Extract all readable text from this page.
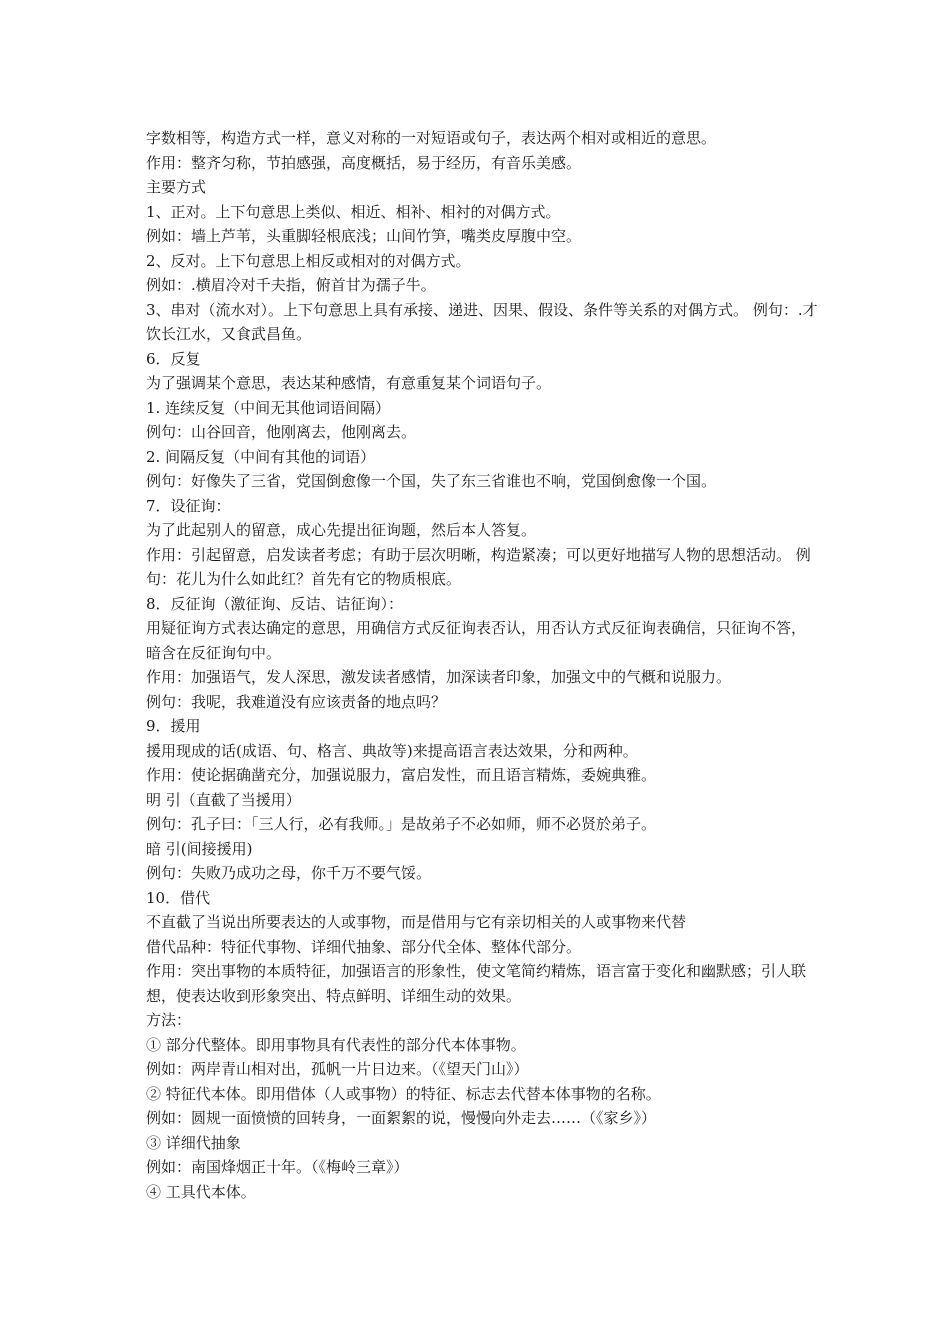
字数相等，构造方式一样，意义对称的一对短语或句子，表达两个相对或相近的意思。

作用：整齐匀称，节拍感强，高度概括，易于经历，有音乐美感。

主要方式

1、正对。上下句意思上类似、相近、相补、相衬的对偶方式。

例如：墙上芦苇，头重脚轻根底浅；山间竹笋，嘴类皮厚腹中空。

2、反对。上下句意思上相反或相对的对偶方式。

例如：.横眉冷对千夫指，俯首甘为孺子牛。

3、串对（流水对）。上下句意思上具有承接、递进、因果、假设、条件等关系的对偶方式。 例句：.才饮长江水，又食武昌鱼。

6．反复

为了强调某个意思，表达某种感情，有意重复某个词语句子。

1. 连续反复（中间无其他词语间隔）

例句：山谷回音，他刚离去，他刚离去。

2. 间隔反复（中间有其他的词语）

例句：好像失了三省，党国倒愈像一个国，失了东三省谁也不响，党国倒愈像一个国。

7．设征询：

为了此起别人的留意，成心先提出征询题，然后本人答复。

作用：引起留意，启发读者考虑；有助于层次明晰，构造紧凑；可以更好地描写人物的思想活动。 例句：花儿为什么如此红？首先有它的物质根底。

8．反征询（激征询、反诘、诘征询）：

用疑征询方式表达确定的意思，用确信方式反征询表否认，用否认方式反征询表确信，只征询不答，暗含在反征询句中。

作用：加强语气，发人深思，激发读者感情，加深读者印象，加强文中的气概和说服力。

例句：我呢，我难道没有应该责备的地点吗？

9．援用

援用现成的话(成语、句、格言、典故等)来提高语言表达效果，分和两种。

作用：使论据确凿充分，加强说服力，富启发性，而且语言精炼，委婉典雅。

明 引（直截了当援用）

例句：孔子曰：「三人行，必有我师。」是故弟子不必如师，师不必贤於弟子。

暗 引(间接援用)

例句：失败乃成功之母，你千万不要气馁。

10．借代

不直截了当说出所要表达的人或事物，而是借用与它有亲切相关的人或事物来代替

借代品种：特征代事物、详细代抽象、部分代全体、整体代部分。

作用：突出事物的本质特征，加强语言的形象性，使文笔简约精炼，语言富于变化和幽默感；引人联想，使表达收到形象突出、特点鲜明、详细生动的效果。

方法：

① 部分代整体。即用事物具有代表性的部分代本体事物。

例如：两岸青山相对出，孤帆一片日边来。（《望天门山》）

② 特征代本体。即用借体（人或事物）的特征、标志去代替本体事物的名称。

例如：圆规一面愤愤的回转身，一面絮絮的说，慢慢向外走去……（《家乡》）

③ 详细代抽象

例如：南国烽烟正十年。（《梅岭三章》）

④ 工具代本体。
